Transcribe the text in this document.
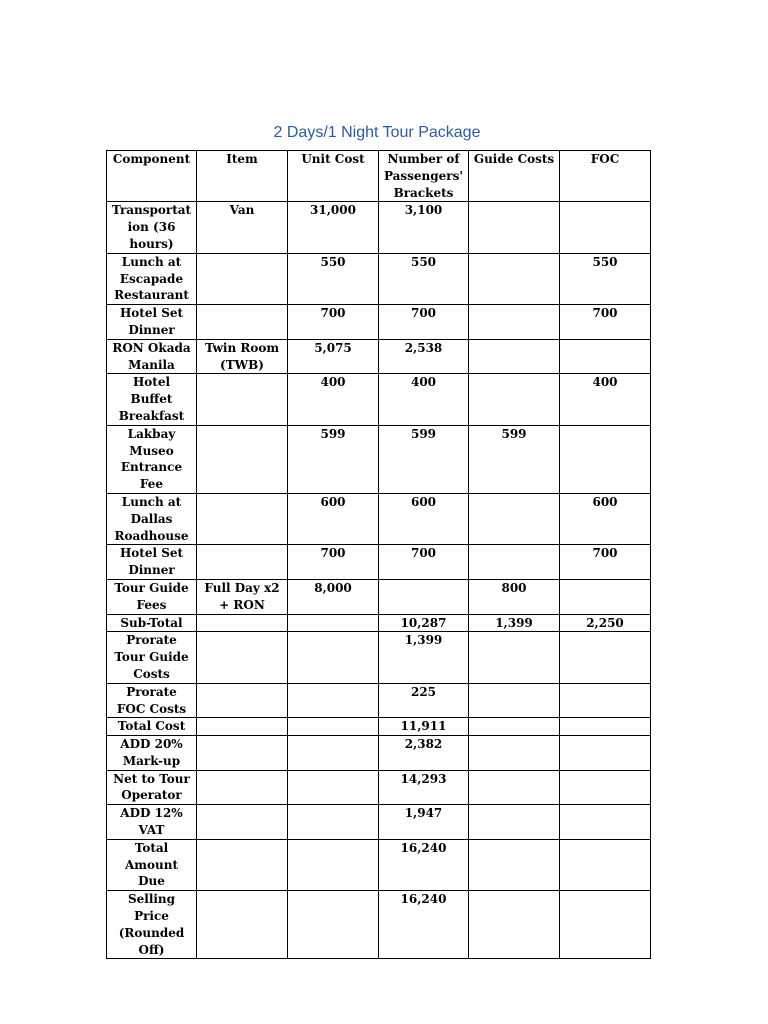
2 Days/1 Night Tour Package
Component	Item	Unit Cost	Number of Passengers' Brackets	Guide Costs	FOC
Transportation (36 hours)	Van	31,000	3,100		
Lunch at Escapade Restaurant		550	550		550
Hotel Set Dinner		700	700		700
RON Okada Manila	Twin Room (TWB)	5,075	2,538		
Hotel Buffet Breakfast		400	400		400
Lakbay Museo Entrance Fee		599	599	599	
Lunch at Dallas Roadhouse		600	600		600
Hotel Set Dinner		700	700		700
Tour Guide Fees	Full Day x2 + RON	8,000		800	
Sub-Total			10,287	1,399	2,250
Prorate Tour Guide Costs			1,399		
Prorate FOC Costs			225		
Total Cost			11,911		
ADD 20% Mark-up			2,382		
Net to Tour Operator			14,293		
ADD 12% VAT			1,947		
Total Amount Due			16,240		
Selling Price (Rounded Off)			16,240		
